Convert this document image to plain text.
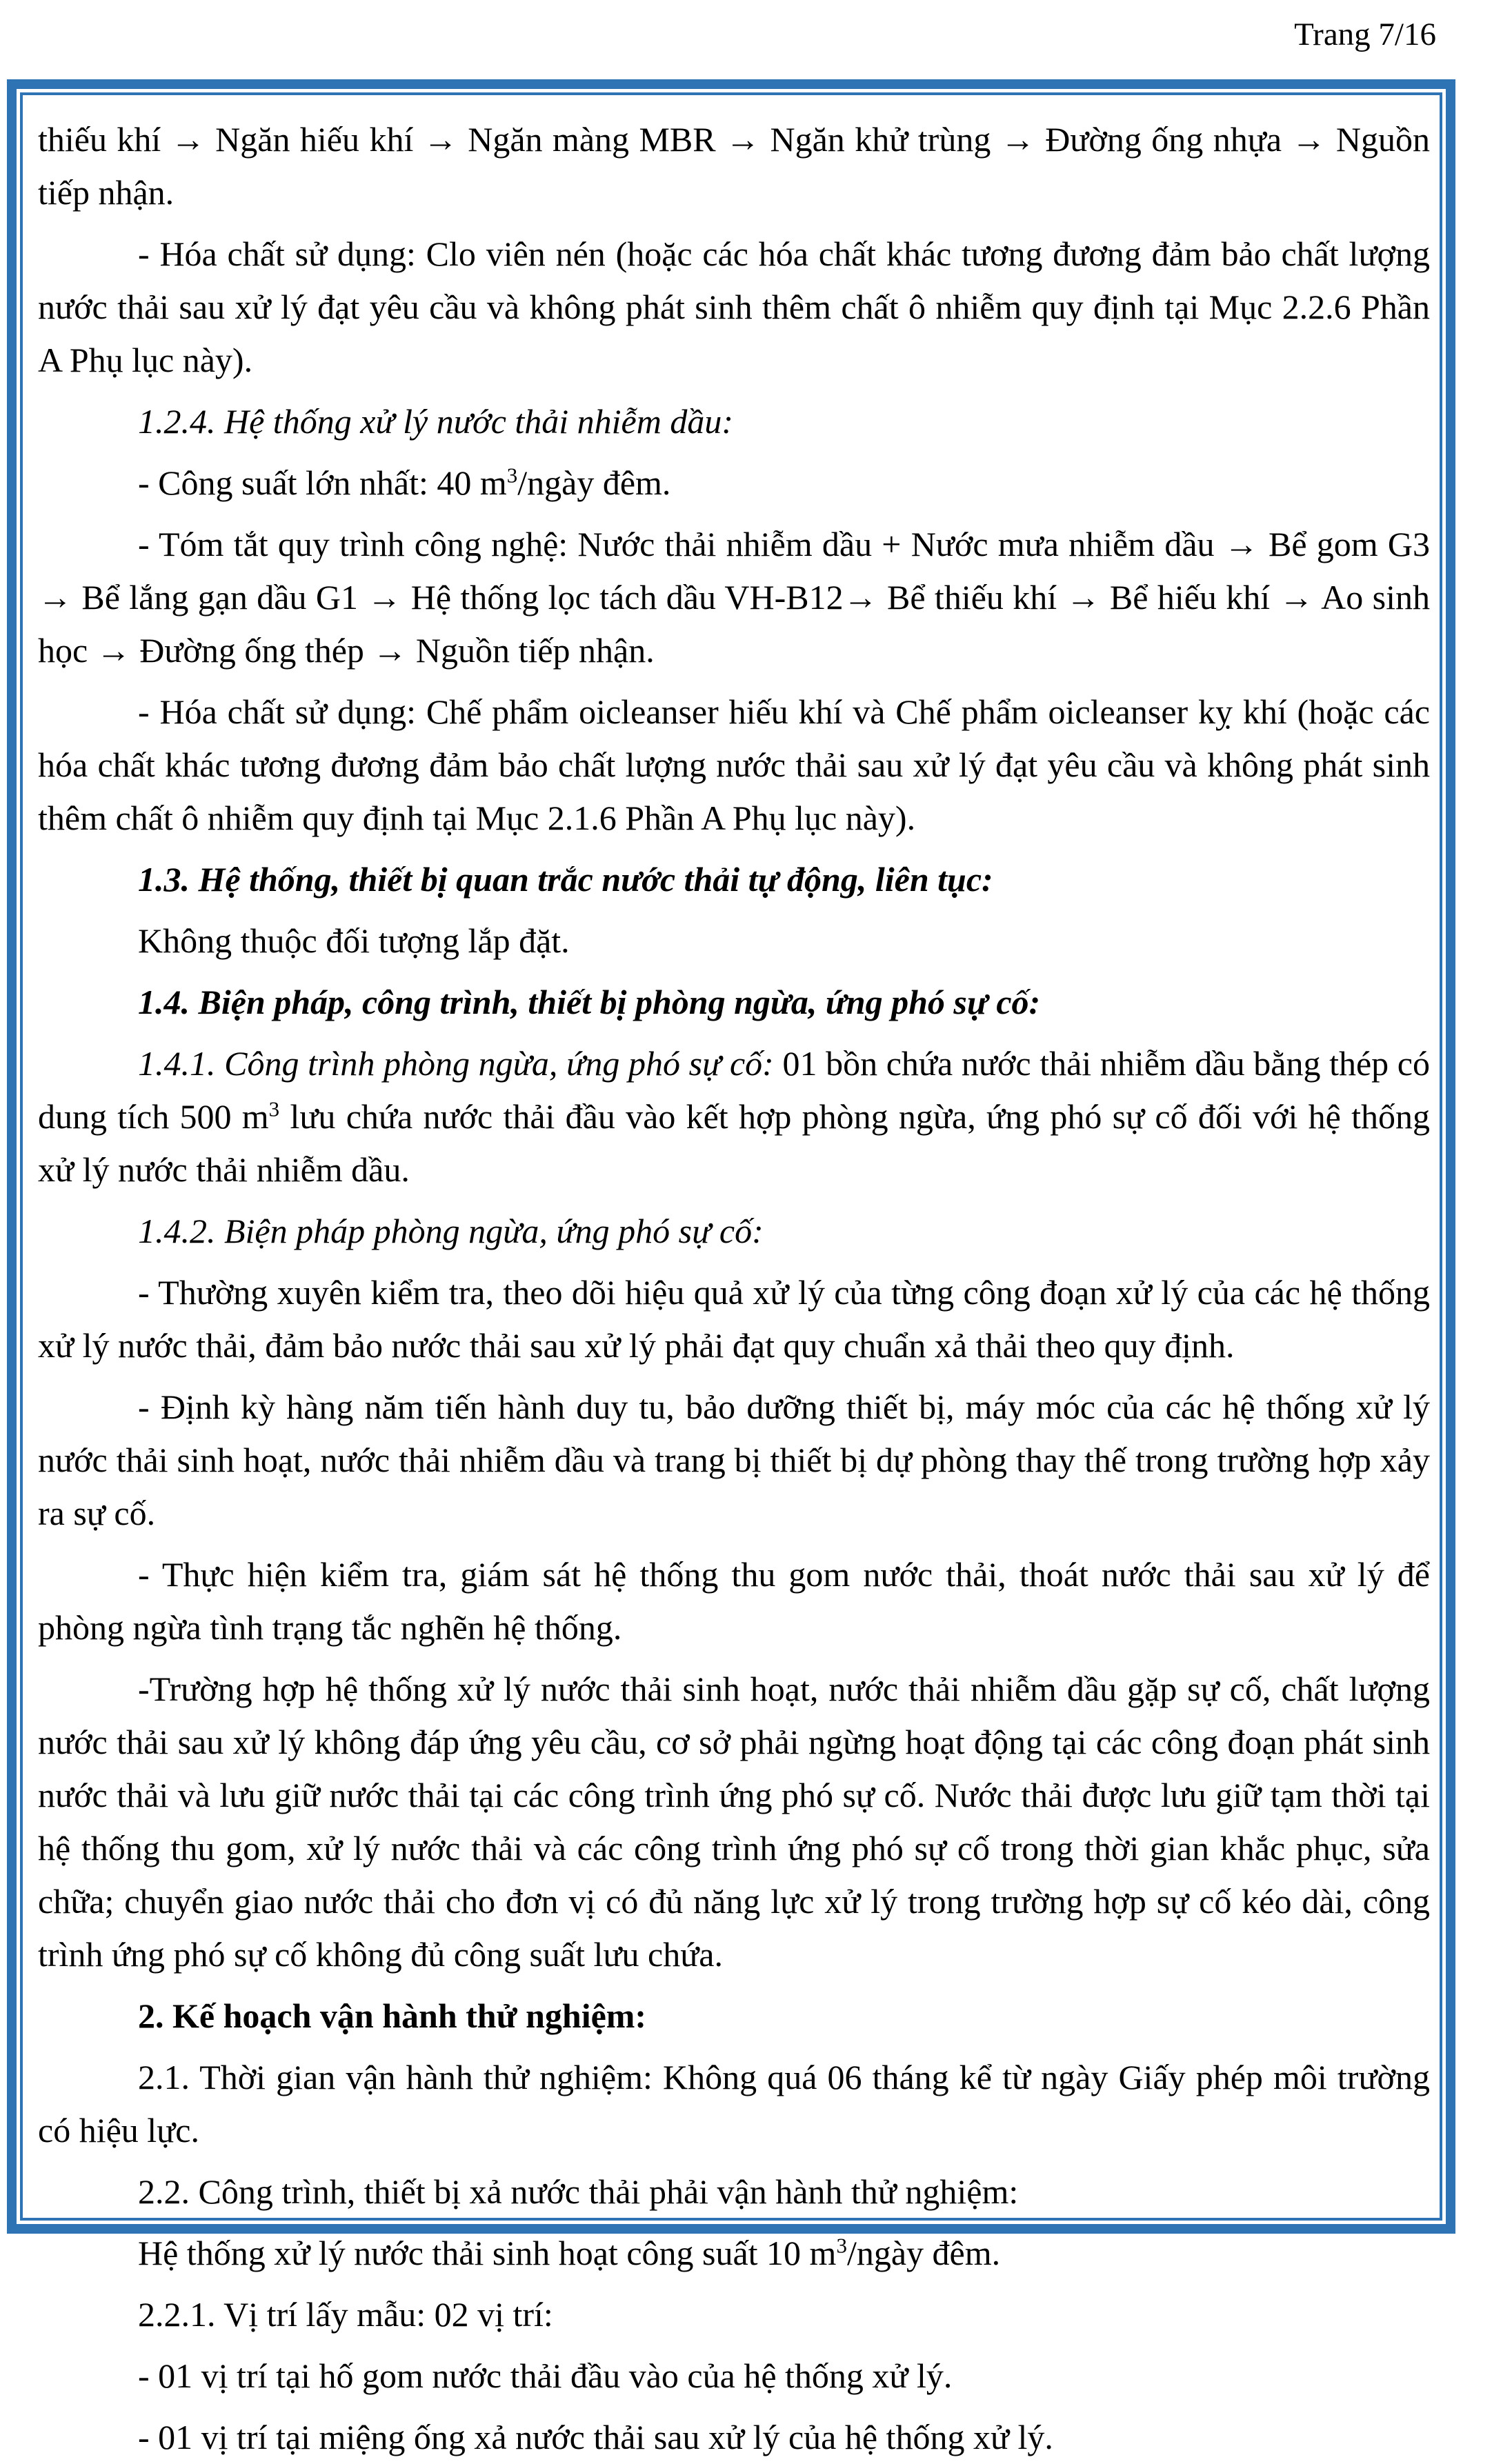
Trang 7/16

thiếu khí → Ngăn hiếu khí → Ngăn màng MBR → Ngăn khử trùng → Đường ống nhựa → Nguồn tiếp nhận.

- Hóa chất sử dụng: Clo viên nén (hoặc các hóa chất khác tương đương đảm bảo chất lượng nước thải sau xử lý đạt yêu cầu và không phát sinh thêm chất ô nhiễm quy định tại Mục 2.2.6 Phần A Phụ lục này).

1.2.4. Hệ thống xử lý nước thải nhiễm dầu:

- Công suất lớn nhất: 40 $m^3$/ngày đêm.

- Tóm tắt quy trình công nghệ: Nước thải nhiễm dầu + Nước mưa nhiễm dầu → Bể gom G3 → Bể lắng gạn dầu G1 → Hệ thống lọc tách dầu VH-B12→ Bể thiếu khí → Bể hiếu khí → Ao sinh học → Đường ống thép → Nguồn tiếp nhận.

- Hóa chất sử dụng: Chế phẩm oicleanser hiếu khí và Chế phẩm oicleanser kỵ khí (hoặc các hóa chất khác tương đương đảm bảo chất lượng nước thải sau xử lý đạt yêu cầu và không phát sinh thêm chất ô nhiễm quy định tại Mục 2.1.6 Phần A Phụ lục này).

1.3. Hệ thống, thiết bị quan trắc nước thải tự động, liên tục:

Không thuộc đối tượng lắp đặt.

1.4. Biện pháp, công trình, thiết bị phòng ngừa, ứng phó sự cố:

1.4.1. Công trình phòng ngừa, ứng phó sự cố: 01 bồn chứa nước thải nhiễm dầu bằng thép có dung tích 500 $m^3$ lưu chứa nước thải đầu vào kết hợp phòng ngừa, ứng phó sự cố đối với hệ thống xử lý nước thải nhiễm dầu.

1.4.2. Biện pháp phòng ngừa, ứng phó sự cố:

- Thường xuyên kiểm tra, theo dõi hiệu quả xử lý của từng công đoạn xử lý của các hệ thống xử lý nước thải, đảm bảo nước thải sau xử lý phải đạt quy chuẩn xả thải theo quy định.

- Định kỳ hàng năm tiến hành duy tu, bảo dưỡng thiết bị, máy móc của các hệ thống xử lý nước thải sinh hoạt, nước thải nhiễm dầu và trang bị thiết bị dự phòng thay thế trong trường hợp xảy ra sự cố.

- Thực hiện kiểm tra, giám sát hệ thống thu gom nước thải, thoát nước thải sau xử lý để phòng ngừa tình trạng tắc nghẽn hệ thống.

-Trường hợp hệ thống xử lý nước thải sinh hoạt, nước thải nhiễm dầu gặp sự cố, chất lượng nước thải sau xử lý không đáp ứng yêu cầu, cơ sở phải ngừng hoạt động tại các công đoạn phát sinh nước thải và lưu giữ nước thải tại các công trình ứng phó sự cố. Nước thải được lưu giữ tạm thời tại hệ thống thu gom, xử lý nước thải và các công trình ứng phó sự cố trong thời gian khắc phục, sửa chữa; chuyển giao nước thải cho đơn vị có đủ năng lực xử lý trong trường hợp sự cố kéo dài, công trình ứng phó sự cố không đủ công suất lưu chứa.

2. Kế hoạch vận hành thử nghiệm:

2.1. Thời gian vận hành thử nghiệm: Không quá 06 tháng kể từ ngày Giấy phép môi trường có hiệu lực.

2.2. Công trình, thiết bị xả nước thải phải vận hành thử nghiệm:

Hệ thống xử lý nước thải sinh hoạt công suất 10 $m^3$/ngày đêm.

2.2.1. Vị trí lấy mẫu: 02 vị trí:

- 01 vị trí tại hố gom nước thải đầu vào của hệ thống xử lý.

- 01 vị trí tại miệng ống xả nước thải sau xử lý của hệ thống xử lý.
